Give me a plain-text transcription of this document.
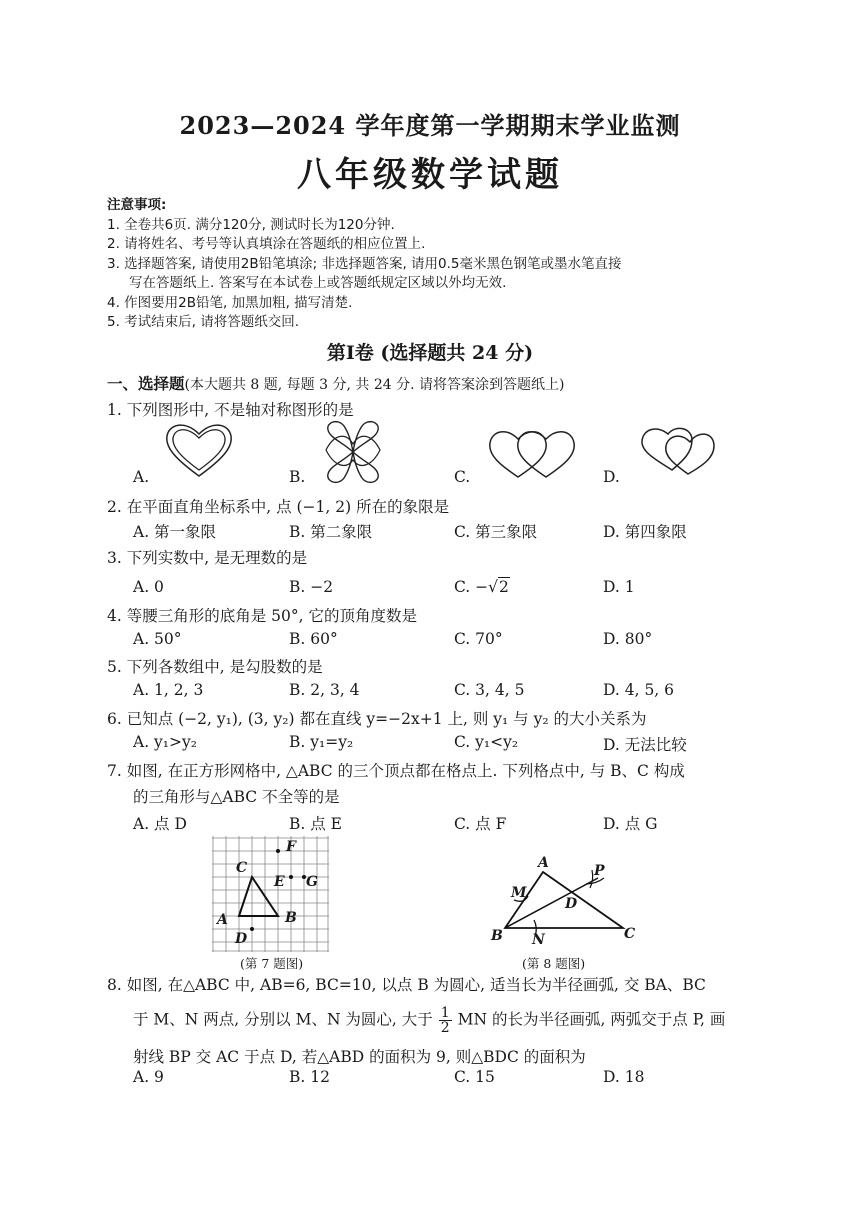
2023—2024 学年度第一学期期末学业监测
八年级数学试题
注意事项:
1. 全卷共6页. 满分120分, 测试时长为120分钟.
2. 请将姓名、考号等认真填涂在答题纸的相应位置上.
3. 选择题答案, 请使用2B铅笔填涂; 非选择题答案, 请用0.5毫米黑色钢笔或墨水笔直接
写在答题纸上. 答案写在本试卷上或答题纸规定区域以外均无效.
4. 作图要用2B铅笔, 加黑加粗, 描写清楚.
5. 考试结束后, 请将答题纸交回.
第I卷 (选择题共 24 分)
一、选择题(本大题共 8 题, 每题 3 分, 共 24 分. 请将答案涂到答题纸上)
1. 下列图形中, 不是轴对称图形的是
A.	B.	C.	D.
2. 在平面直角坐标系中, 点 (−1, 2) 所在的象限是
A. 第一象限	B. 第二象限	C. 第三象限	D. 第四象限
3. 下列实数中, 是无理数的是
A. 0	B. −2	C. −√2	D. 1
4. 等腰三角形的底角是 50°, 它的顶角度数是
A. 50°	B. 60°	C. 70°	D. 80°
5. 下列各数组中, 是勾股数的是
A. 1, 2, 3	B. 2, 3, 4	C. 3, 4, 5	D. 4, 5, 6
6. 已知点 (−2, y₁), (3, y₂) 都在直线 y=−2x+1 上, 则 y₁ 与 y₂ 的大小关系为
A. y₁>y₂	B. y₁=y₂	C. y₁<y₂	D. 无法比较
7. 如图, 在正方形网格中, △ABC 的三个顶点都在格点上. 下列格点中, 与 B、C 构成
的三角形与△ABC 不全等的是
A. 点 D	B. 点 E	C. 点 F	D. 点 G
C
A	B
F
E G
D
(第 7 题图)
A	P
M
D
B N	C
(第 8 题图)
8. 如图, 在△ABC 中, AB=6, BC=10, 以点 B 为圆心, 适当长为半径画弧, 交 BA、BC
于 M、N 两点, 分别以 M、N 为圆心, 大于 $\frac{1}{2}$ MN 的长为半径画弧, 两弧交于点 P, 画
射线 BP 交 AC 于点 D, 若△ABD 的面积为 9, 则△BDC 的面积为
A. 9	B. 12	C. 15	D. 18
